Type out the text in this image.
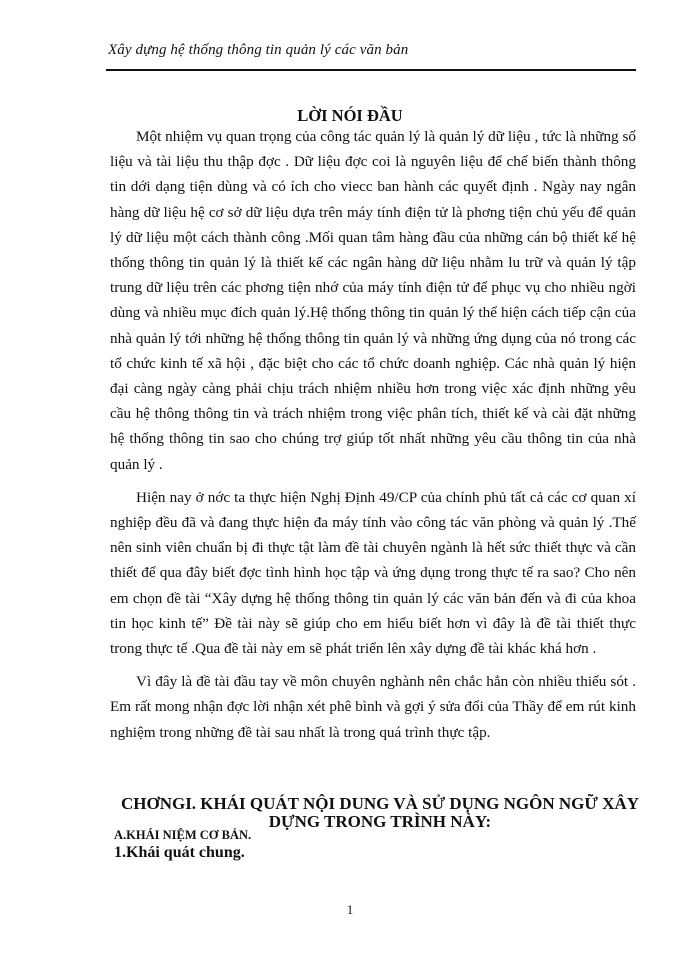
Xây dựng hệ thống thông tin quản lý các văn bản
LỜI NÓI ĐẦU

Một nhiệm vụ quan trọng của công tác quản lý là quản lý dữ liệu , tức là những số liệu và tài liệu thu thập đợc . Dữ liệu đợc coi là nguyên liệu để chế biến thành thông tin dới dạng tiện dùng và có ích cho viecc ban hành các quyết định . Ngày nay ngân hàng dữ liệu hệ cơ sở dữ liệu dựa trên máy tính điện tử là phơng tiện chủ yếu để quản lý dữ liệu một cách thành công .Mối quan tâm hàng đầu của những cán bộ thiết kế hệ thống thông tin quản lý là thiết kế các ngân hàng dữ liệu nhằm lu trữ và quản lý tập trung dữ liệu trên các phơng tiện nhớ của máy tính điện tử để phục vụ cho nhiều ngời dùng và nhiều mục đích quản lý.Hệ thống thông tin quản lý thể hiện cách tiếp cận của nhà quản lý tới những hệ thống thông tin quản lý và những ứng dụng của nó trong các tổ chức kinh tế xã hội , đặc biệt cho các tổ chức doanh nghiệp. Các nhà quản lý hiện đại càng ngày càng phải chịu trách nhiệm nhiều hơn trong việc xác định những yêu cầu hệ thông thông tin và trách nhiệm trong việc phân tích, thiết kế và cài đặt những hệ thống thông tin sao cho chúng trợ giúp tốt nhất những yêu cầu thông tin của nhà quản lý .

Hiện nay ở nớc ta thực hiện Nghị Định 49/CP của chính phủ tất cả các cơ quan xí nghiệp đều đã và đang thực hiện đa máy tính vào công tác văn phòng và quản lý .Thế nên sinh viên chuẩn bị đi thực tật làm đề tài chuyên ngành là hết sức thiết thực và cần thiết để qua đây biết đợc tình hình học tập và ứng dụng trong thực tế ra sao? Cho nên em chọn đề tài “Xây dựng hệ thống thông tin quản lý các văn bản đến và đi của khoa tin học kinh tế” Đề tài này sẽ giúp cho em hiểu biết hơn vì đây là đề tài thiết thực trong thực tế .Qua đề tài này em sẽ phát triển lên xây dựng đề tài khác khá hơn .

Vì đây là đề tài đầu tay về môn chuyên nghành nên chắc hẳn còn nhiều thiếu sót . Em rất mong nhận đợc lời nhận xét phê bình và gợi ý sửa đổi của Thầy để em rút kinh nghiệm trong những đề tài sau nhất là trong quá trình thực tập.

CHƠNGI. KHÁI QUÁT NỘI DUNG VÀ SỬ DỤNG NGÔN NGỮ XÂY DỰNG TRONG TRÌNH NÀY:
A.KHÁI NIỆM CƠ BẢN.
1.Khái quát chung.
1
